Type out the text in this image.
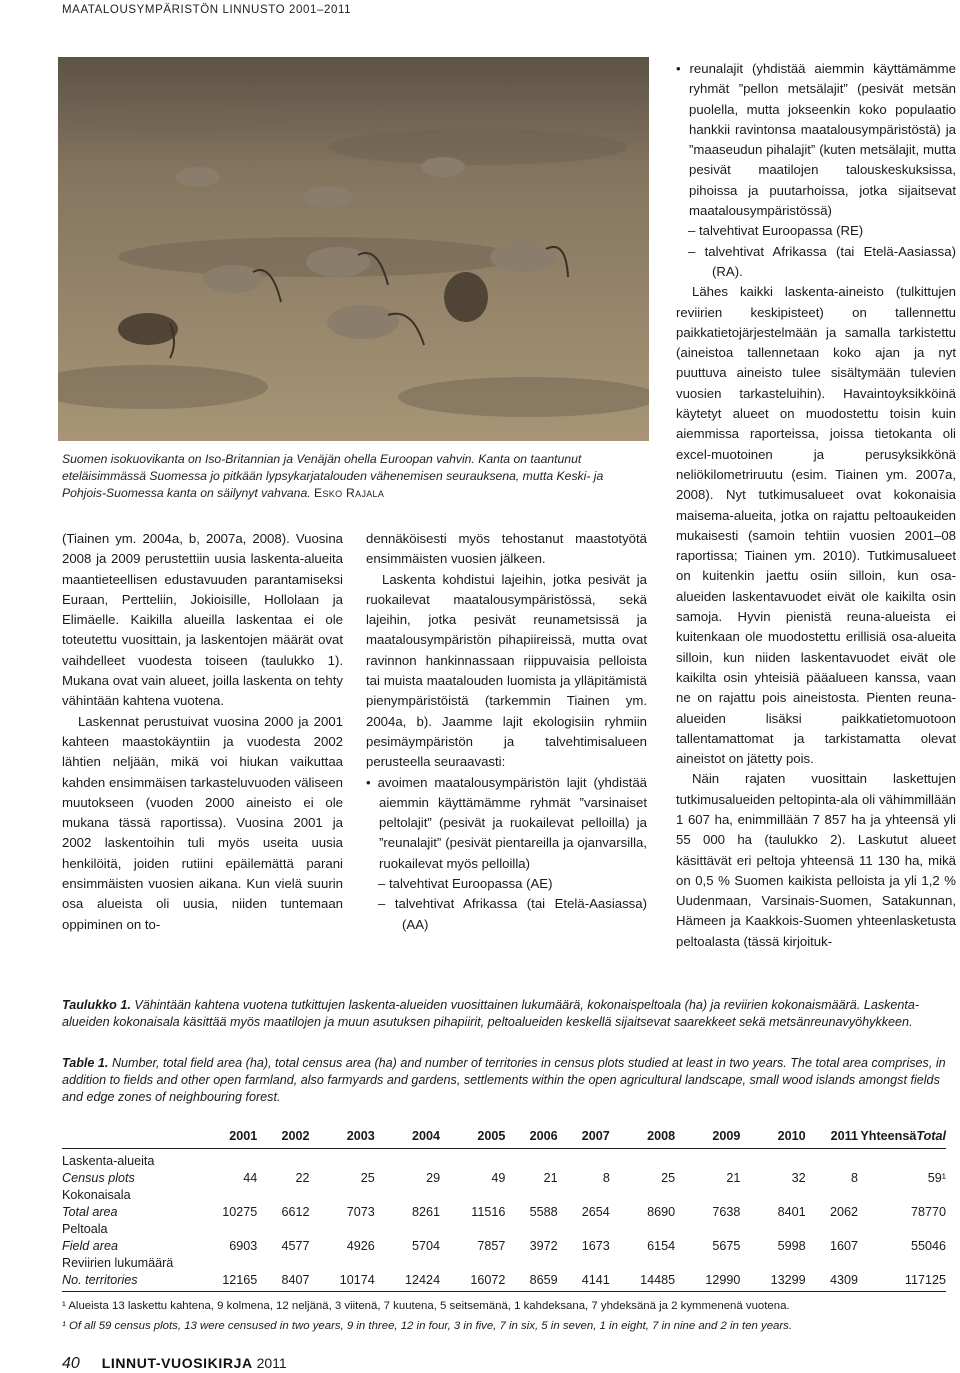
MAATALOUSYMPÄRISTÖN LINNUSTO 2001–2011
Suomen isokuovikanta on Iso-Britannian ja Venäjän ohella Euroopan vahvin. Kanta on taantunut eteläisimmässä Suomessa jo pitkään lypsykarjatalouden vähenemisen seurauksena, mutta Keski- ja Pohjois-Suomessa kanta on säilynyt vahvana. Esko Rajala

(Tiainen ym. 2004a, b, 2007a, 2008). Vuosina 2008 ja 2009 perustettiin uusia laskenta-alueita maantieteellisen edustavuuden parantamiseksi Euraan, Pertteliin, Jokioisille, Hollolaan ja Elimäelle. Kaikilla alueilla laskentaa ei ole toteutettu vuosittain, ja laskentojen määrät ovat vaihdelleet vuodesta toiseen (taulukko 1). Mukana ovat vain alueet, joilla laskenta on tehty vähintään kahtena vuotena.

Laskennat perustuivat vuosina 2000 ja 2001 kahteen maastokäyntiin ja vuodesta 2002 lähtien neljään, mikä voi hiukan vaikuttaa kahden ensimmäisen tarkasteluvuoden väliseen muutokseen (vuoden 2000 aineisto ei ole mukana tässä raportissa). Vuosina 2001 ja 2002 laskentoihin tuli myös useita uusia henkilöitä, joiden rutiini epäilemättä parani ensimmäisten vuosien aikana. Kun vielä suurin osa alueista oli uusia, niiden tuntemaan oppiminen on to-

dennäköisesti myös tehostanut maastotyötä ensimmäisten vuosien jälkeen.

Laskenta kohdistui lajeihin, jotka pesivät ja ruokailevat maatalousympäristössä, sekä lajeihin, jotka pesivät reunametsissä ja maatalousympäristön pihapiireissä, mutta ovat ravinnon hankinnassaan riippuvaisia pelloista tai muista maatalouden luomista ja ylläpitämistä pienympäristöistä (tarkemmin Tiainen ym. 2004a, b). Jaamme lajit ekologisiin ryhmiin pesimäympäristön ja talvehtimisalueen perusteella seuraavasti:

• avoimen maatalousympäristön lajit (yhdistää aiemmin käyttämämme ryhmät ”varsinaiset peltolajit” (pesivät ja ruokailevat pelloilla) ja ”reunalajit” (pesivät pientareilla ja ojanvarsilla, ruokailevat myös pelloilla)

– talvehtivat Euroopassa (AE)

– talvehtivat Afrikassa (tai Etelä-Aasiassa) (AA)

• reunalajit (yhdistää aiemmin käyttämämme ryhmät ”pellon metsälajit” (pesivät metsän puolella, mutta jokseenkin koko populaatio hankkii ravintonsa maatalousympäristöstä) ja ”maaseudun pihalajit” (kuten metsälajit, mutta pesivät maatilojen talouskeskuksissa, pihoissa ja puutarhoissa, jotka sijaitsevat maatalousympäristössä)

– talvehtivat Euroopassa (RE)

– talvehtivat Afrikassa (tai Etelä-Aasiassa) (RA).

Lähes kaikki laskenta-aineisto (tulkittujen reviirien keskipisteet) on tallennettu paikkatietojärjestelmään ja samalla tarkistettu (aineistoa tallennetaan koko ajan ja nyt puuttuva aineisto tulee sisältymään tulevien vuosien tarkasteluihin). Havaintoyksikköinä käytetyt alueet on muodostettu toisin kuin aiemmissa raporteissa, joissa tietokanta oli excel-muotoinen ja perusyksikkönä neliökilometriruutu (esim. Tiainen ym. 2007a, 2008). Nyt tutkimusalueet ovat kokonaisia maisema-alueita, jotka on rajattu peltoaukeiden mukaisesti (samoin tehtiin vuosien 2001–08 raportissa; Tiainen ym. 2010). Tutkimusalueet on kuitenkin jaettu osiin silloin, kun osa-alueiden laskentavuodet eivät ole kaikilta osin samoja. Hyvin pienistä reuna-alueista ei kuitenkaan ole muodostettu erillisiä osa-alueita silloin, kun niiden laskentavuodet eivät ole kaikilta osin yhteisiä pääalueen kanssa, vaan ne on rajattu pois aineistosta. Pienten reuna-alueiden lisäksi paikkatietomuotoon tallentamattomat ja tarkistamatta olevat aineistot on jätetty pois.

Näin rajaten vuosittain laskettujen tutkimusalueiden peltopinta-ala oli vähimmillään 1 607 ha, enimmillään 7 857 ha ja yhteensä yli 55 000 ha (taulukko 2). Laskutut alueet käsittävät eri peltoja yhteensä 11 130 ha, mikä on 0,5 % Suomen kaikista pelloista ja yli 1,2 % Uudenmaan, Varsinais-Suomen, Satakunnan, Hämeen ja Kaakkois-Suomen yhteenlasketusta peltoalasta (tässä kirjoituk-

Taulukko 1. Vähintään kahtena vuotena tutkittujen laskenta-alueiden vuosittainen lukumäärä, kokonaispeltoala (ha) ja reviirien kokonaismäärä. Laskenta-alueiden kokonaisala käsittää myös maatilojen ja muun asutuksen pihapiirit, peltoalueiden keskellä sijaitsevat saarekkeet sekä metsänreunavyöhykkeen.
Table 1. Number, total field area (ha), total census area (ha) and number of territories in census plots studied at least in two years. The total area comprises, in addition to fields and other open farmland, also farmyards and gardens, settlements within the open agricultural landscape, small wood islands amongst fields and edge zones of neighbouring forest.
	2001	2002	2003	2004	2005	2006	2007	2008	2009	2010	2011	YhteensäTotal

Laskenta-alueita												
Census plots	44	22	25	29	49	21	8	25	21	32	8	59¹
Kokonaisala												
Total area	10275	6612	7073	8261	11516	5588	2654	8690	7638	8401	2062	78770
Peltoala												
Field area	6903	4577	4926	5704	7857	3972	1673	6154	5675	5998	1607	55046
Reviirien lukumäärä												
No. territories	12165	8407	10174	12424	16072	8659	4141	14485	12990	13299	4309	117125
¹ Alueista 13 laskettu kahtena, 9 kolmena, 12 neljänä, 3 viitenä, 7 kuutena, 5 seitsemänä, 1 kahdeksana, 7 yhdeksänä ja 2 kymmenenä vuotena.
¹ Of all 59 census plots, 13 were censused in two years, 9 in three, 12 in four, 3 in five, 7 in six, 5 in seven, 1 in eight, 7 in nine and 2 in ten years.
40 LINNUT-VUOSIKIRJA 2011
